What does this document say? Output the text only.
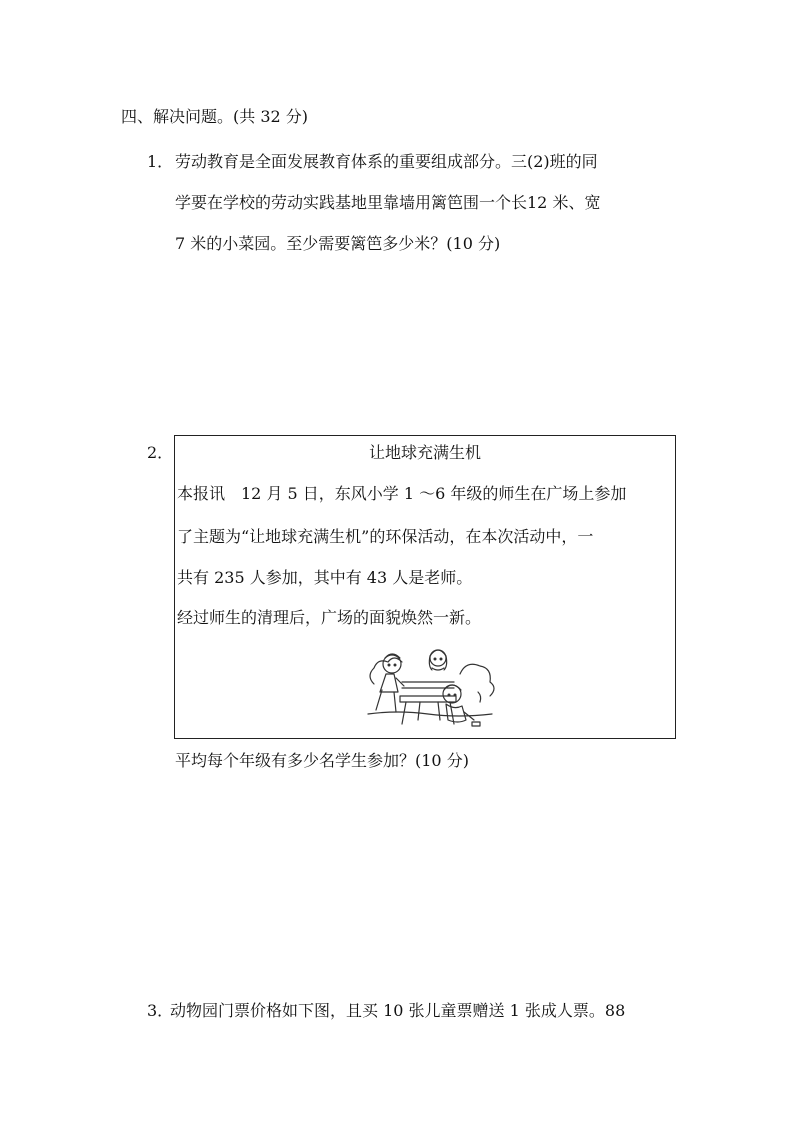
四、解决问题。(共 32 分)
1． 劳动教育是全面发展教育体系的重要组成部分。三(2)班的同
学要在学校的劳动实践基地里靠墙用篱笆围一个长12 米、宽
7 米的小菜园。至少需要篱笆多少米？(10 分)
2．	让地球充满生机
本报讯　12 月 5 日，东风小学 1 ～6 年级的师生在广场上参加
了主题为“让地球充满生机”的环保活动，在本次活动中，一
共有 235 人参加，其中有 43 人是老师。
经过师生的清理后，广场的面貌焕然一新。
平均每个年级有多少名学生参加？(10 分)
3．
动物园门票价格如下图，且买 10 张儿童票赠送 1 张成人票。88
